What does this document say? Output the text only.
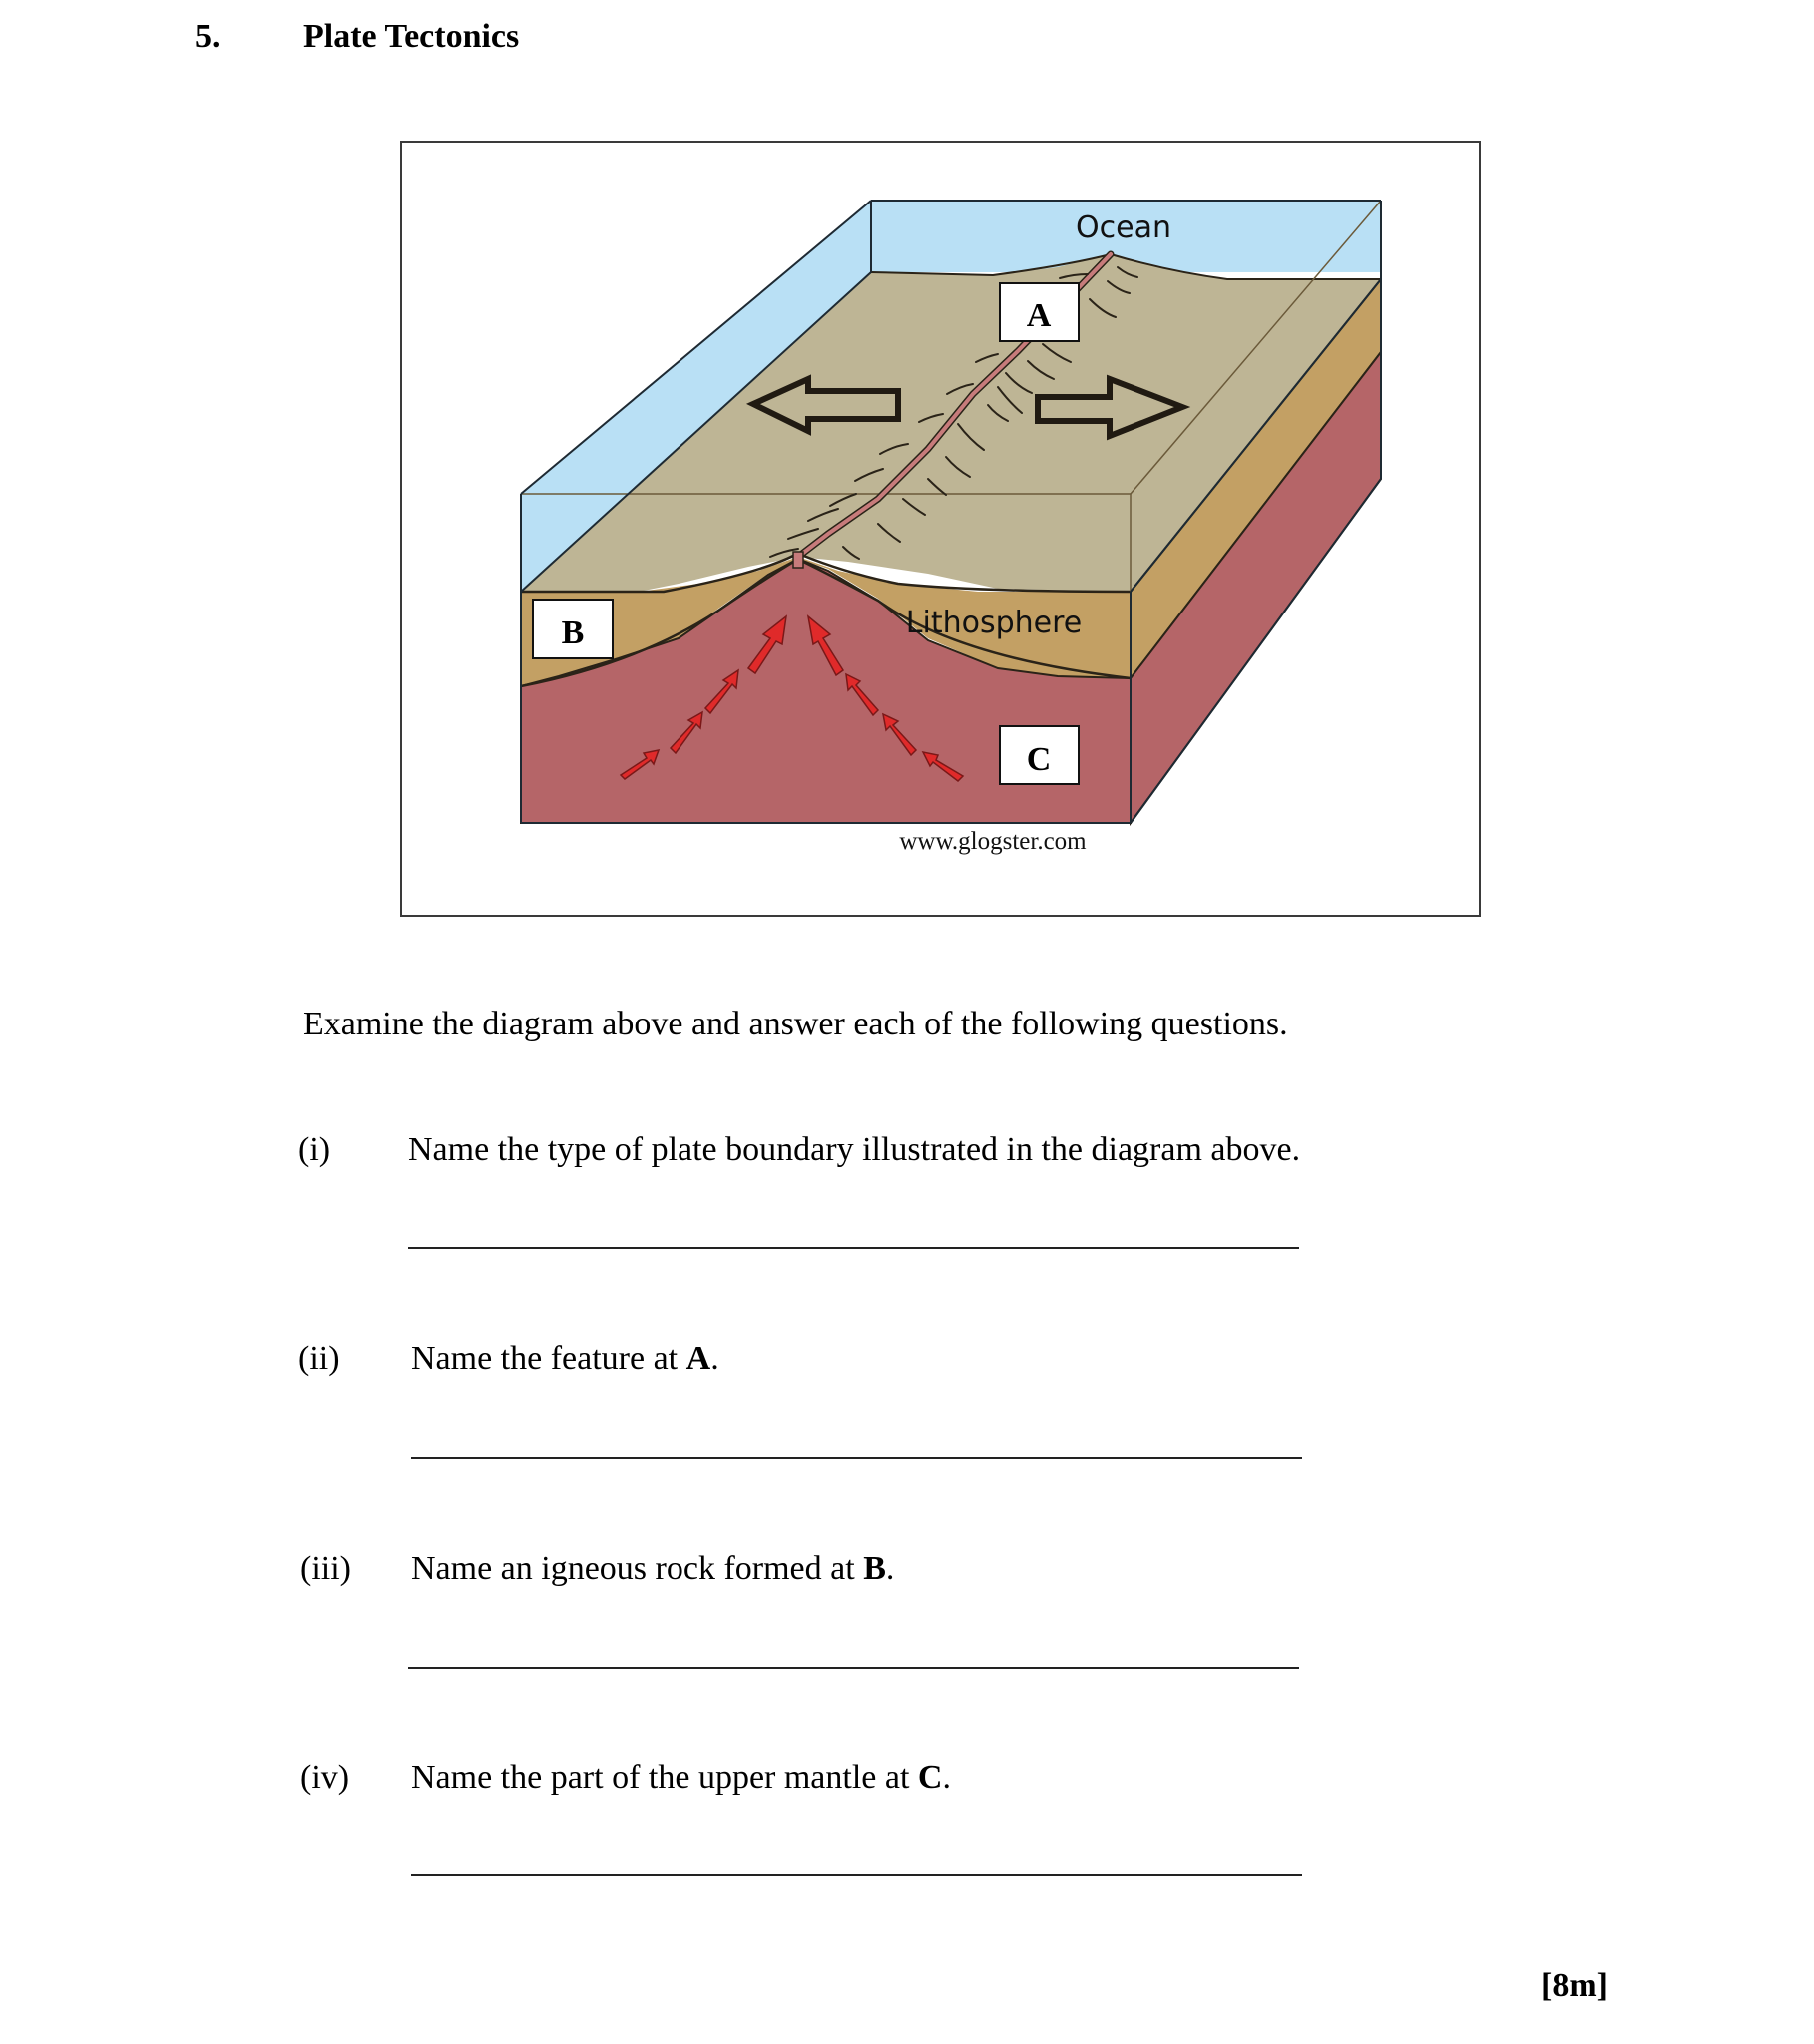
5. Plate Tectonics
A
B
C
Ocean
Lithosphere
www.glogster.com
Examine the diagram above and answer each of the following questions.
(i) Name the type of plate boundary illustrated in the diagram above.
(ii) Name the feature at A.
(iii) Name an igneous rock formed at B.
(iv) Name the part of the upper mantle at C.
[8m]
